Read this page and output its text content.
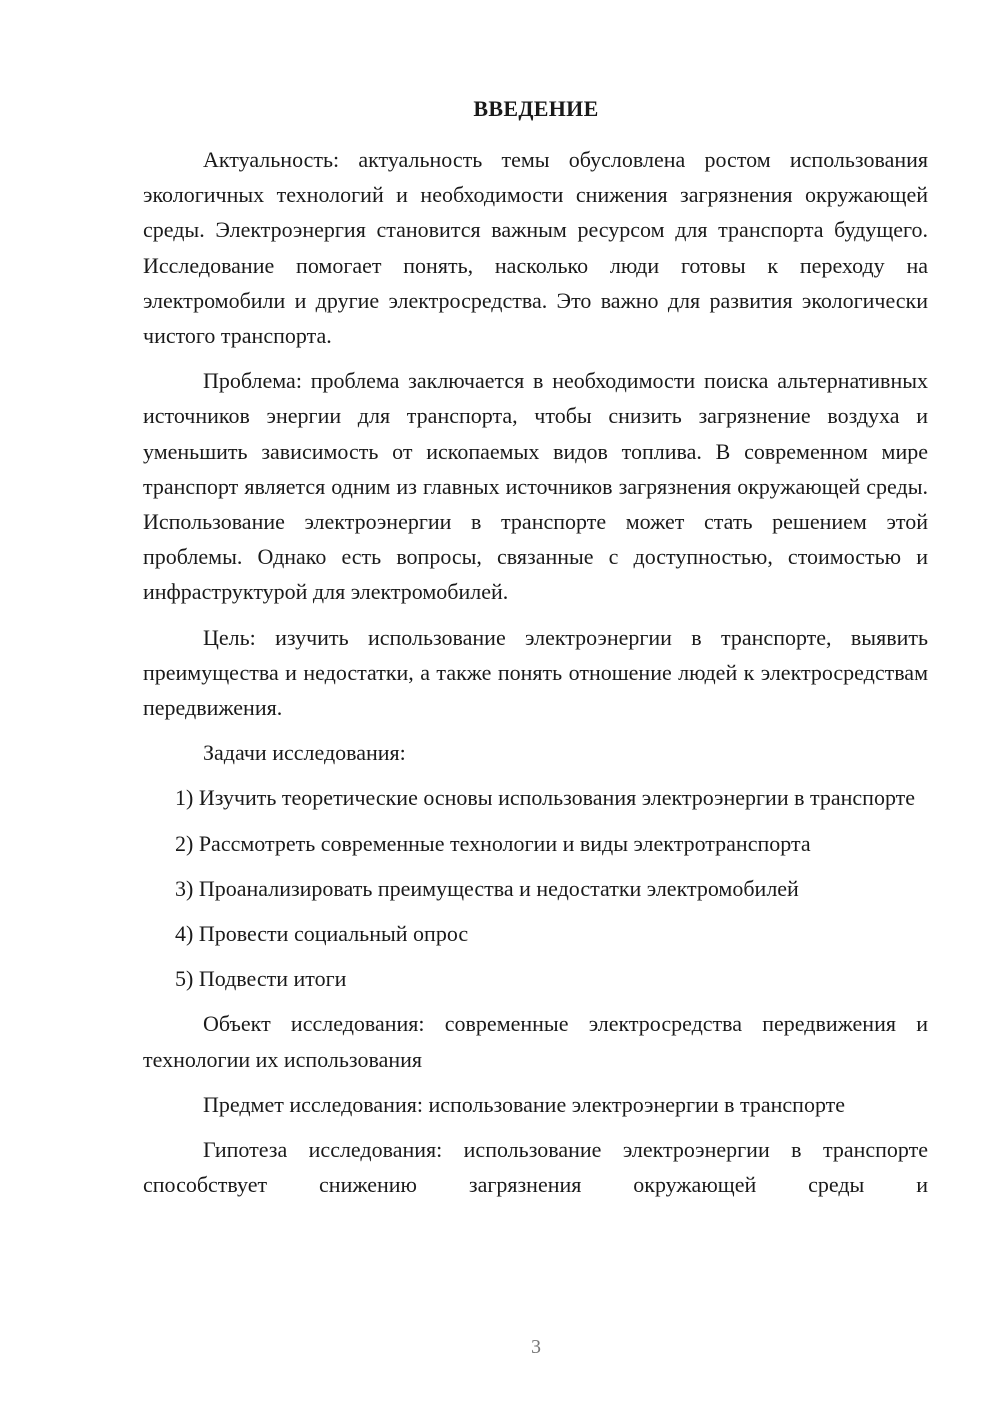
ВВЕДЕНИЕ

Актуальность: актуальность темы обусловлена ростом использования экологичных технологий и необходимости снижения загрязнения окружающей среды. Электроэнергия становится важным ресурсом для транспорта будущего. Исследование помогает понять, насколько люди готовы к переходу на электромобили и другие электросредства. Это важно для развития экологически чистого транспорта.

Проблема: проблема заключается в необходимости поиска альтернативных источников энергии для транспорта, чтобы снизить загрязнение воздуха и уменьшить зависимость от ископаемых видов топлива. В современном мире транспорт является одним из главных источников загрязнения окружающей среды. Использование электроэнергии в транспорте может стать решением этой проблемы. Однако есть вопросы, связанные с доступностью, стоимостью и инфраструктурой для электромобилей.

Цель: изучить использование электроэнергии в транспорте, выявить преимущества и недостатки, а также понять отношение людей к электросредствам передвижения.

Задачи исследования:

1) Изучить теоретические основы использования электроэнергии в транспорте

2) Рассмотреть современные технологии и виды электротранспорта

3) Проанализировать преимущества и недостатки электромобилей

4) Провести социальный опрос

5) Подвести итоги

Объект исследования: современные электросредства передвижения и технологии их использования

Предмет исследования: использование электроэнергии в транспорте

Гипотеза исследования: использование электроэнергии в транспорте способствует снижению загрязнения окружающей среды и

3
